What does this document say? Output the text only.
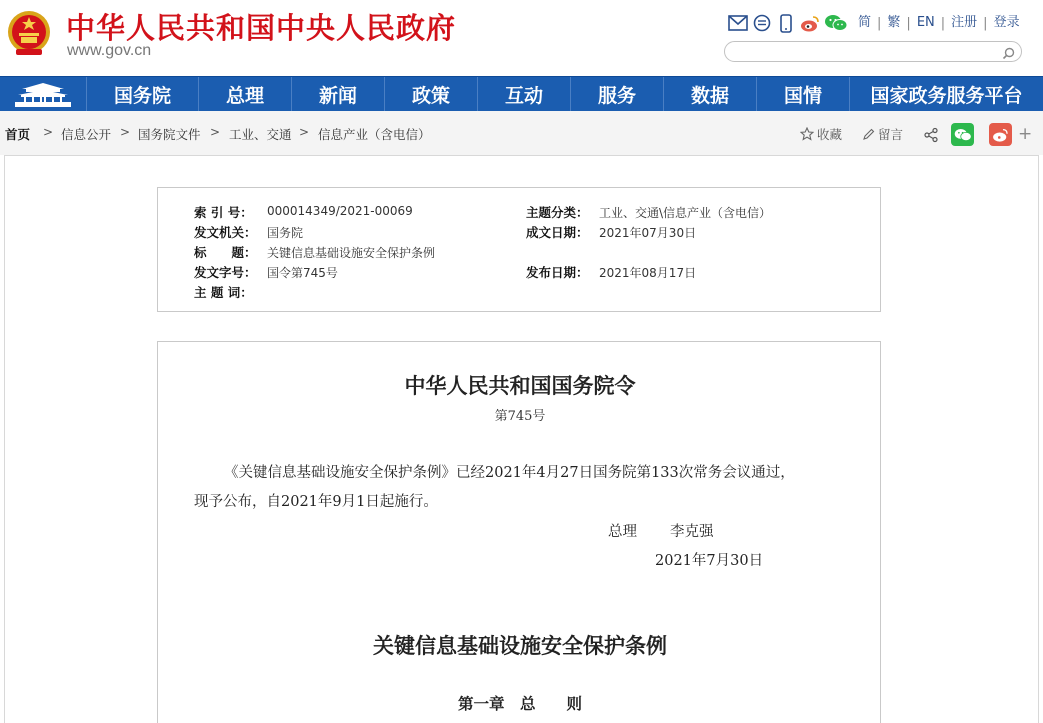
中华人民共和国中央人民政府
www.gov.cn
简 | 繁 | EN | 注册 | 登录
国务院	总理	新闻	政策	互动	服务	数据	国情	国家政务服务平台
首页 > 信息公开 > 国务院文件 > 工业、交通 > 信息产业（含电信）	收藏	留言	+
索 引 号： 000014349/2021-00069	主题分类： 工业、交通\信息产业（含电信）
发文机关： 国务院	成文日期： 2021年07月30日
标　　题： 关键信息基础设施安全保护条例
发文字号： 国令第745号	发布日期： 2021年08月17日
主 题 词：
中华人民共和国国务院令
第745号
《关键信息基础设施安全保护条例》已经2021年4月27日国务院第133次常务会议通过，
现予公布，自2021年9月1日起施行。
总理 李克强
2021年7月30日
关键信息基础设施安全保护条例
第一章　总　　则
